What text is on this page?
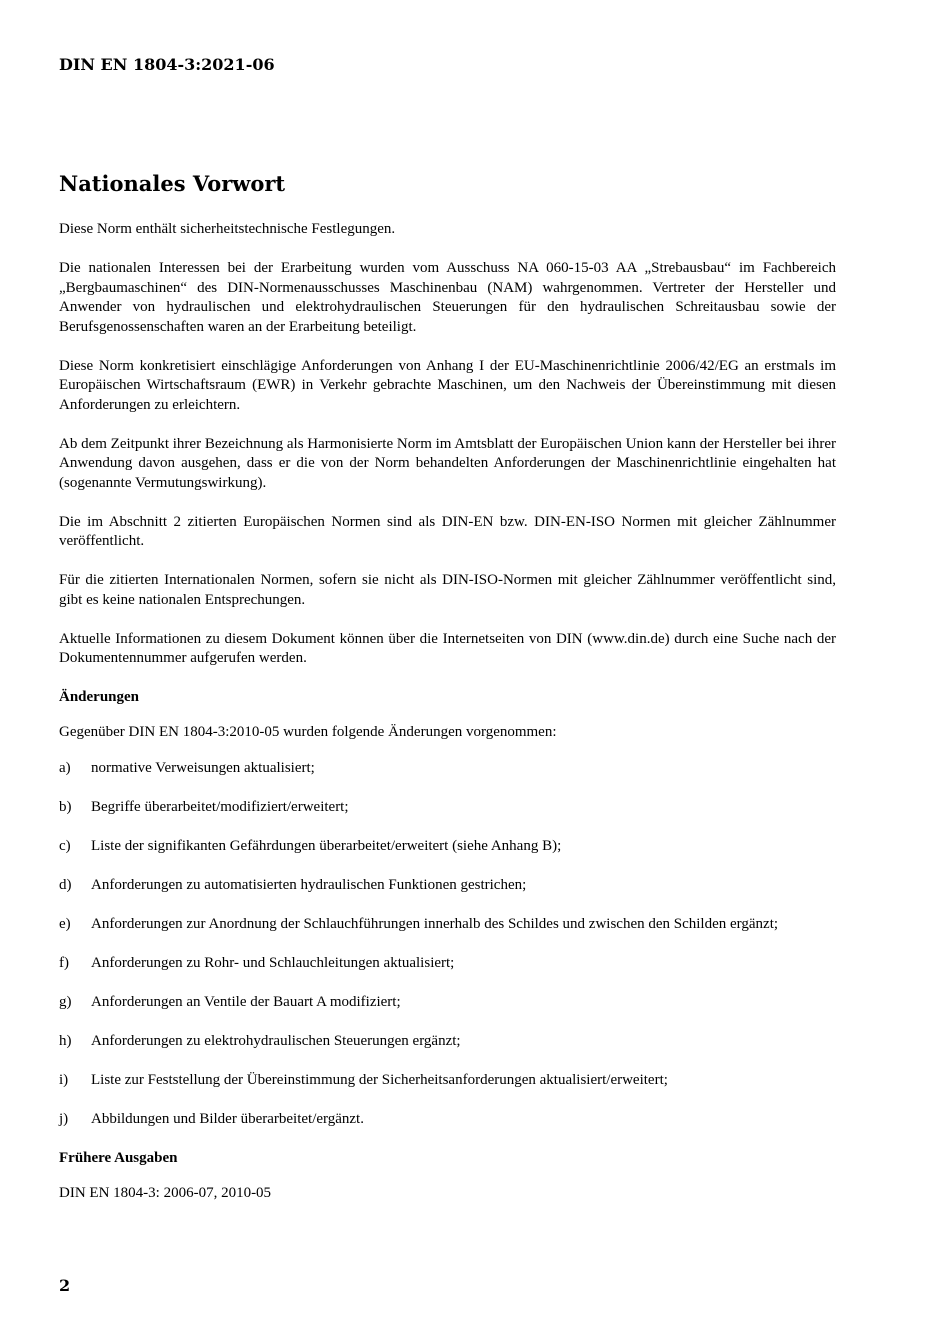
DIN EN 1804-3:2021-06
Nationales Vorwort

Diese Norm enthält sicherheitstechnische Festlegungen.

Die nationalen Interessen bei der Erarbeitung wurden vom Ausschuss NA 060-15-03 AA „Strebausbau“ im Fachbereich „Bergbaumaschinen“ des DIN-Normenausschusses Maschinenbau (NAM) wahrgenommen. Vertreter der Hersteller und Anwender von hydraulischen und elektrohydraulischen Steuerungen für den hydraulischen Schreitausbau sowie der Berufsgenossenschaften waren an der Erarbeitung beteiligt.

Diese Norm konkretisiert einschlägige Anforderungen von Anhang I der EU-Maschinenrichtlinie 2006/42/EG an erstmals im Europäischen Wirtschaftsraum (EWR) in Verkehr gebrachte Maschinen, um den Nachweis der Übereinstimmung mit diesen Anforderungen zu erleichtern.

Ab dem Zeitpunkt ihrer Bezeichnung als Harmonisierte Norm im Amtsblatt der Europäischen Union kann der Hersteller bei ihrer Anwendung davon ausgehen, dass er die von der Norm behandelten Anforderungen der Maschinenrichtlinie eingehalten hat (sogenannte Vermutungswirkung).

Die im Abschnitt 2 zitierten Europäischen Normen sind als DIN-EN bzw. DIN-EN-ISO Normen mit gleicher Zählnummer veröffentlicht.

Für die zitierten Internationalen Normen, sofern sie nicht als DIN-ISO-Normen mit gleicher Zählnummer veröffentlicht sind, gibt es keine nationalen Entsprechungen.

Aktuelle Informationen zu diesem Dokument können über die Internetseiten von DIN (www.din.de) durch eine Suche nach der Dokumentennummer aufgerufen werden.

Änderungen

Gegenüber DIN EN 1804-3:2010-05 wurden folgende Änderungen vorgenommen:

a)	normative Verweisungen aktualisiert;
b)	Begriffe überarbeitet/modifiziert/erweitert;
c)	Liste der signifikanten Gefährdungen überarbeitet/erweitert (siehe Anhang B);
d)	Anforderungen zu automatisierten hydraulischen Funktionen gestrichen;
e)	Anforderungen zur Anordnung der Schlauchführungen innerhalb des Schildes und zwischen den Schilden ergänzt;
f)	Anforderungen zu Rohr- und Schlauchleitungen aktualisiert;
g)	Anforderungen an Ventile der Bauart A modifiziert;
h)	Anforderungen zu elektrohydraulischen Steuerungen ergänzt;
i)	Liste zur Feststellung der Übereinstimmung der Sicherheitsanforderungen aktualisiert/erweitert;
j)	Abbildungen und Bilder überarbeitet/ergänzt.
Frühere Ausgaben

DIN EN 1804-3: 2006-07, 2010-05

2
